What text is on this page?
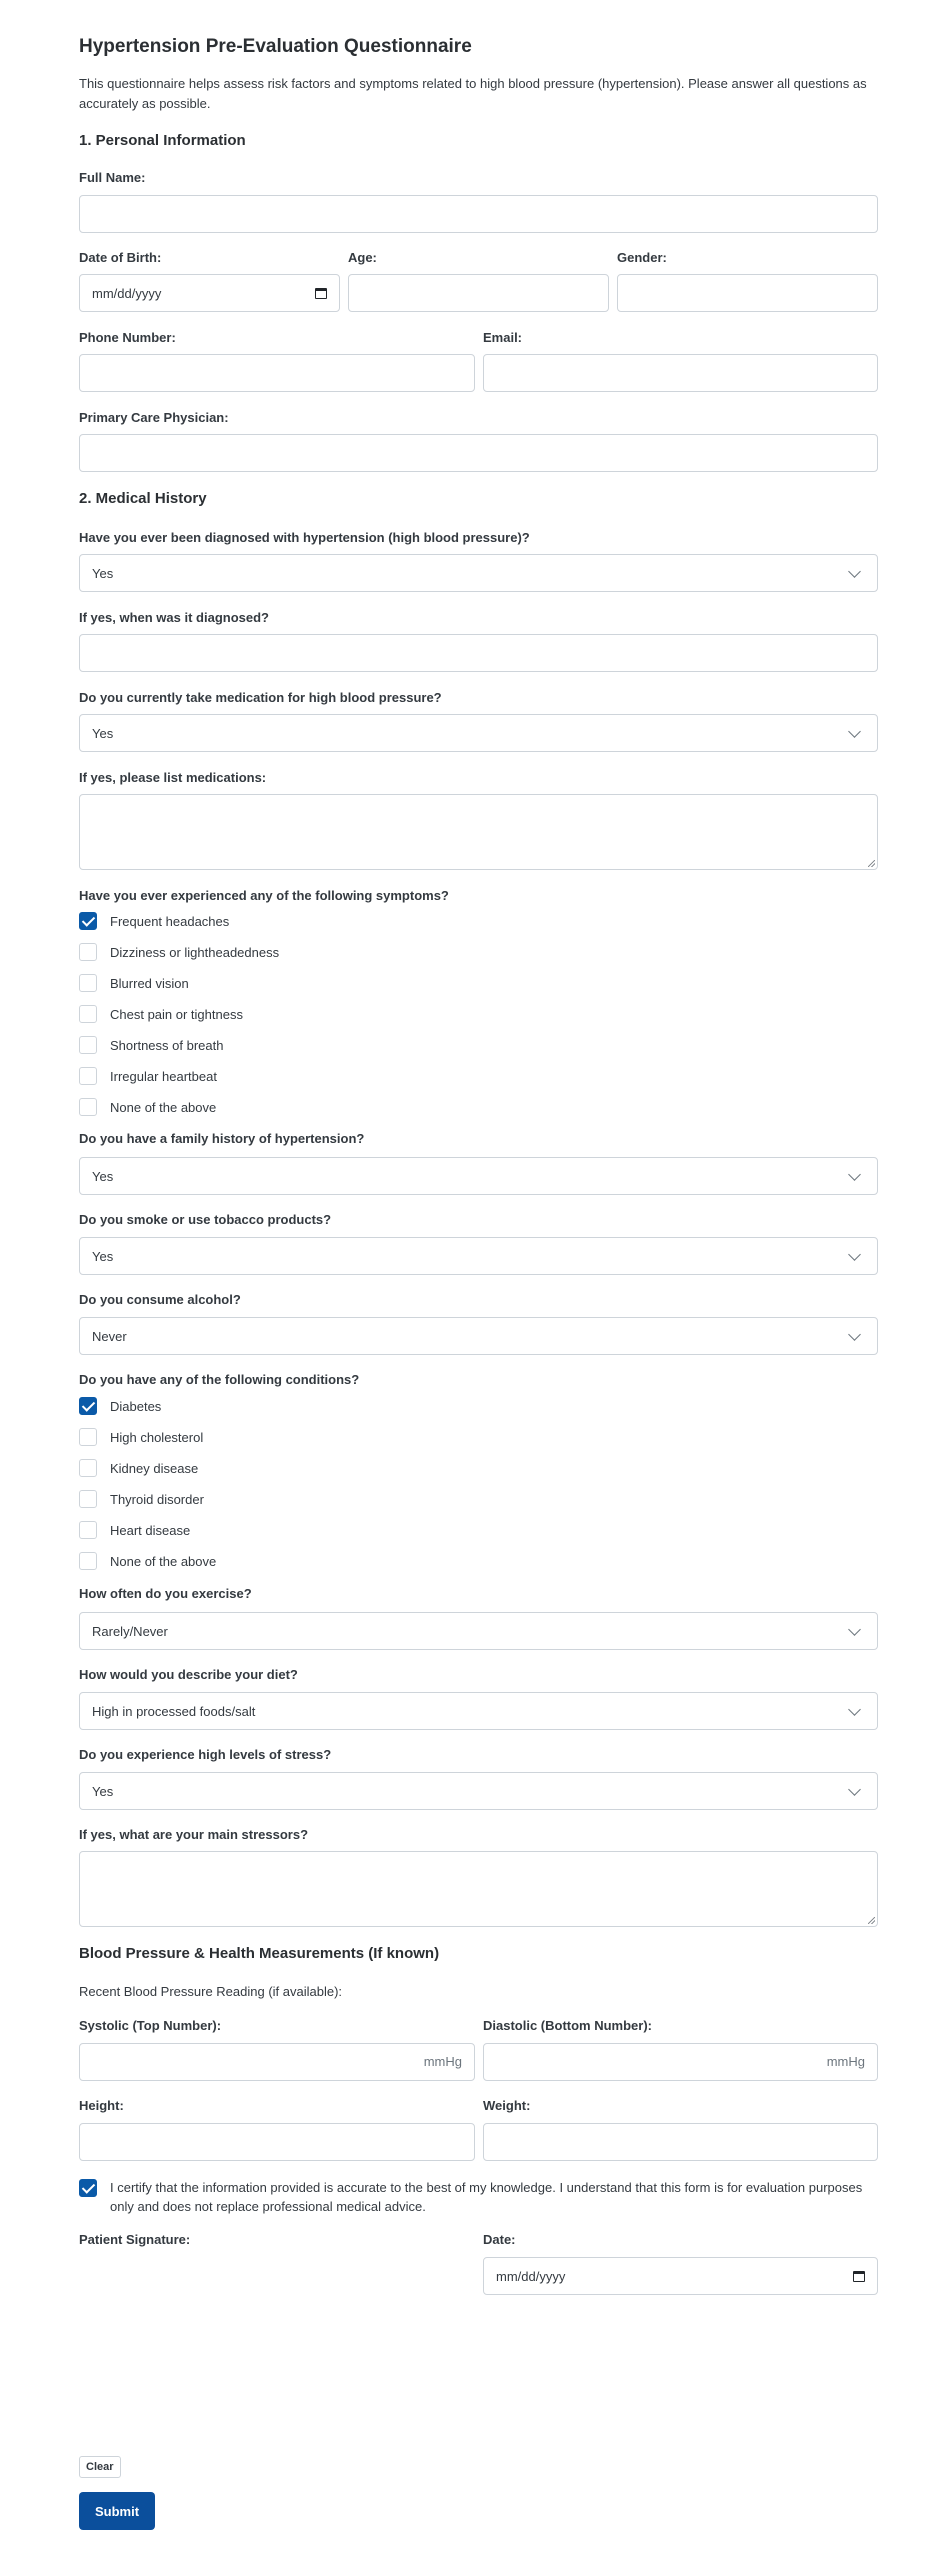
Hypertension Pre-Evaluation Questionnaire
This questionnaire helps assess risk factors and symptoms related to high blood pressure (hypertension). Please answer all questions as accurately as possible.
1. Personal Information
Full Name:
Date of Birth:
mm/dd/yyyy
Age:	Gender:
Phone Number:	Email:
Primary Care Physician:
2. Medical History
Have you ever been diagnosed with hypertension (high blood pressure)?
Yes
If yes, when was it diagnosed?
Do you currently take medication for high blood pressure?
Yes
If yes, please list medications:
Have you ever experienced any of the following symptoms?
Frequent headaches
Dizziness or lightheadedness
Blurred vision
Chest pain or tightness
Shortness of breath
Irregular heartbeat
None of the above
Do you have a family history of hypertension?
Yes
Do you smoke or use tobacco products?
Yes
Do you consume alcohol?
Never
Do you have any of the following conditions?
Diabetes
High cholesterol
Kidney disease
Thyroid disorder
Heart disease
None of the above
How often do you exercise?
Rarely/Never
How would you describe your diet?
High in processed foods/salt
Do you experience high levels of stress?
Yes
If yes, what are your main stressors?
Blood Pressure & Health Measurements (If known)
Recent Blood Pressure Reading (if available):
Systolic (Top Number):
mmHg
Diastolic (Bottom Number):
mmHg
Height:	Weight:
I certify that the information provided is accurate to the best of my knowledge. I understand that this form is for evaluation purposes only and does not replace professional medical advice.
Patient Signature:	Date:
mm/dd/yyyy
Clear
Submit
